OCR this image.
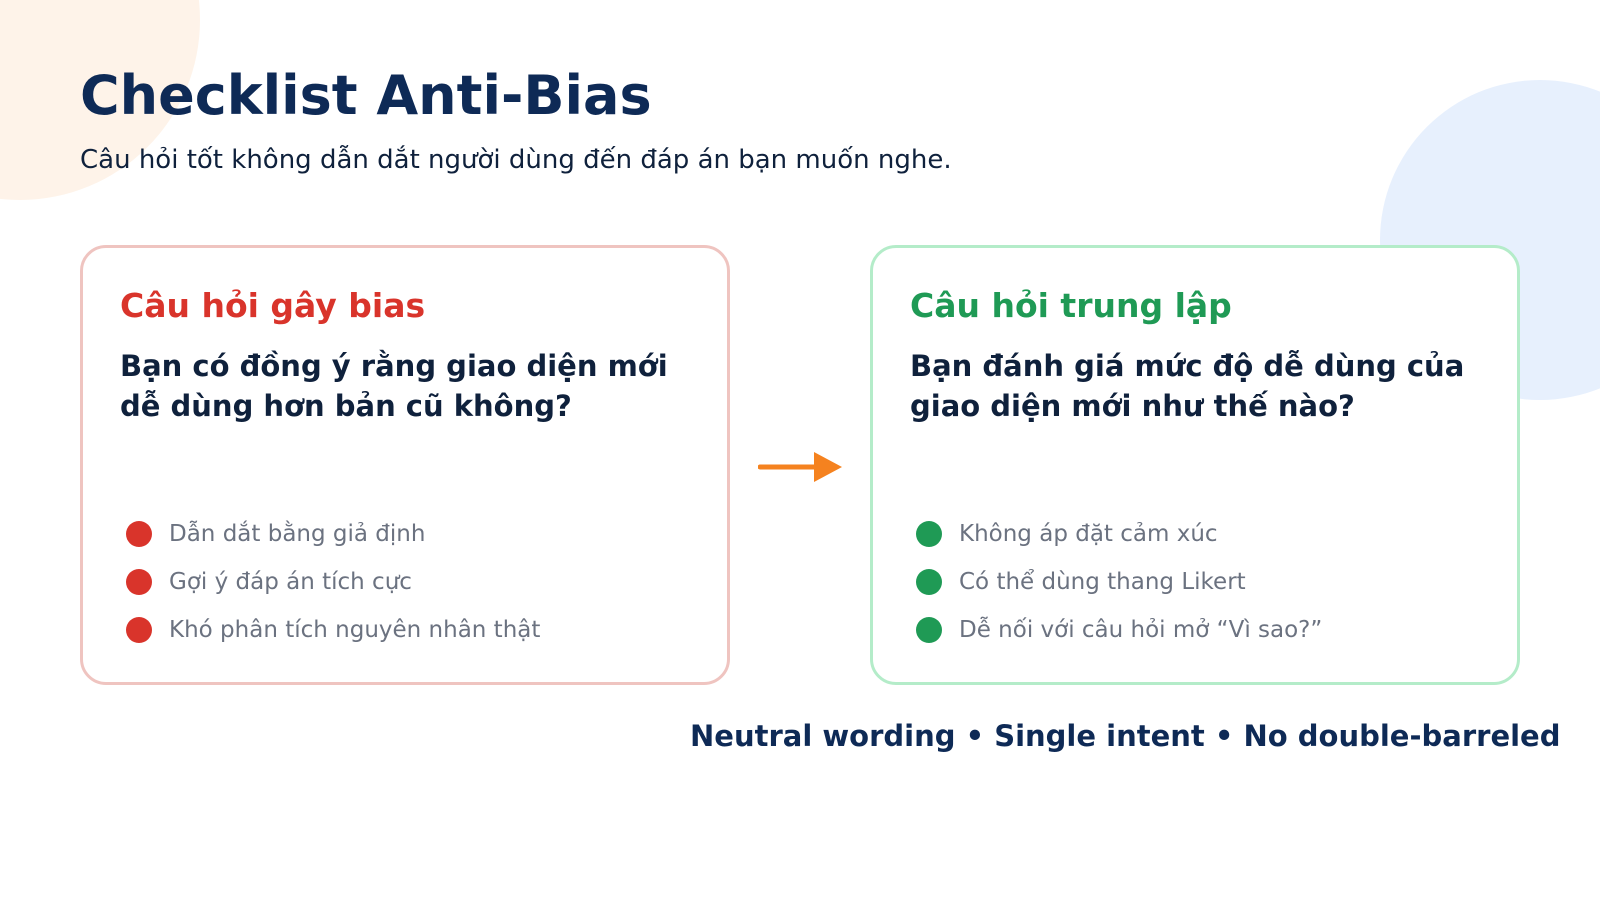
Checklist Anti-Bias

Câu hỏi tốt không dẫn dắt người dùng đến đáp án bạn muốn nghe.

Câu hỏi gây bias

Bạn có đồng ý rằng giao diện mới dễ dùng hơn bản cũ không?

Dẫn dắt bằng giả định
Gợi ý đáp án tích cực
Khó phân tích nguyên nhân thật
Câu hỏi trung lập

Bạn đánh giá mức độ dễ dùng của giao diện mới như thế nào?

Không áp đặt cảm xúc
Có thể dùng thang Likert
Dễ nối với câu hỏi mở “Vì sao?”

Neutral wording • Single intent • No double-barreled
